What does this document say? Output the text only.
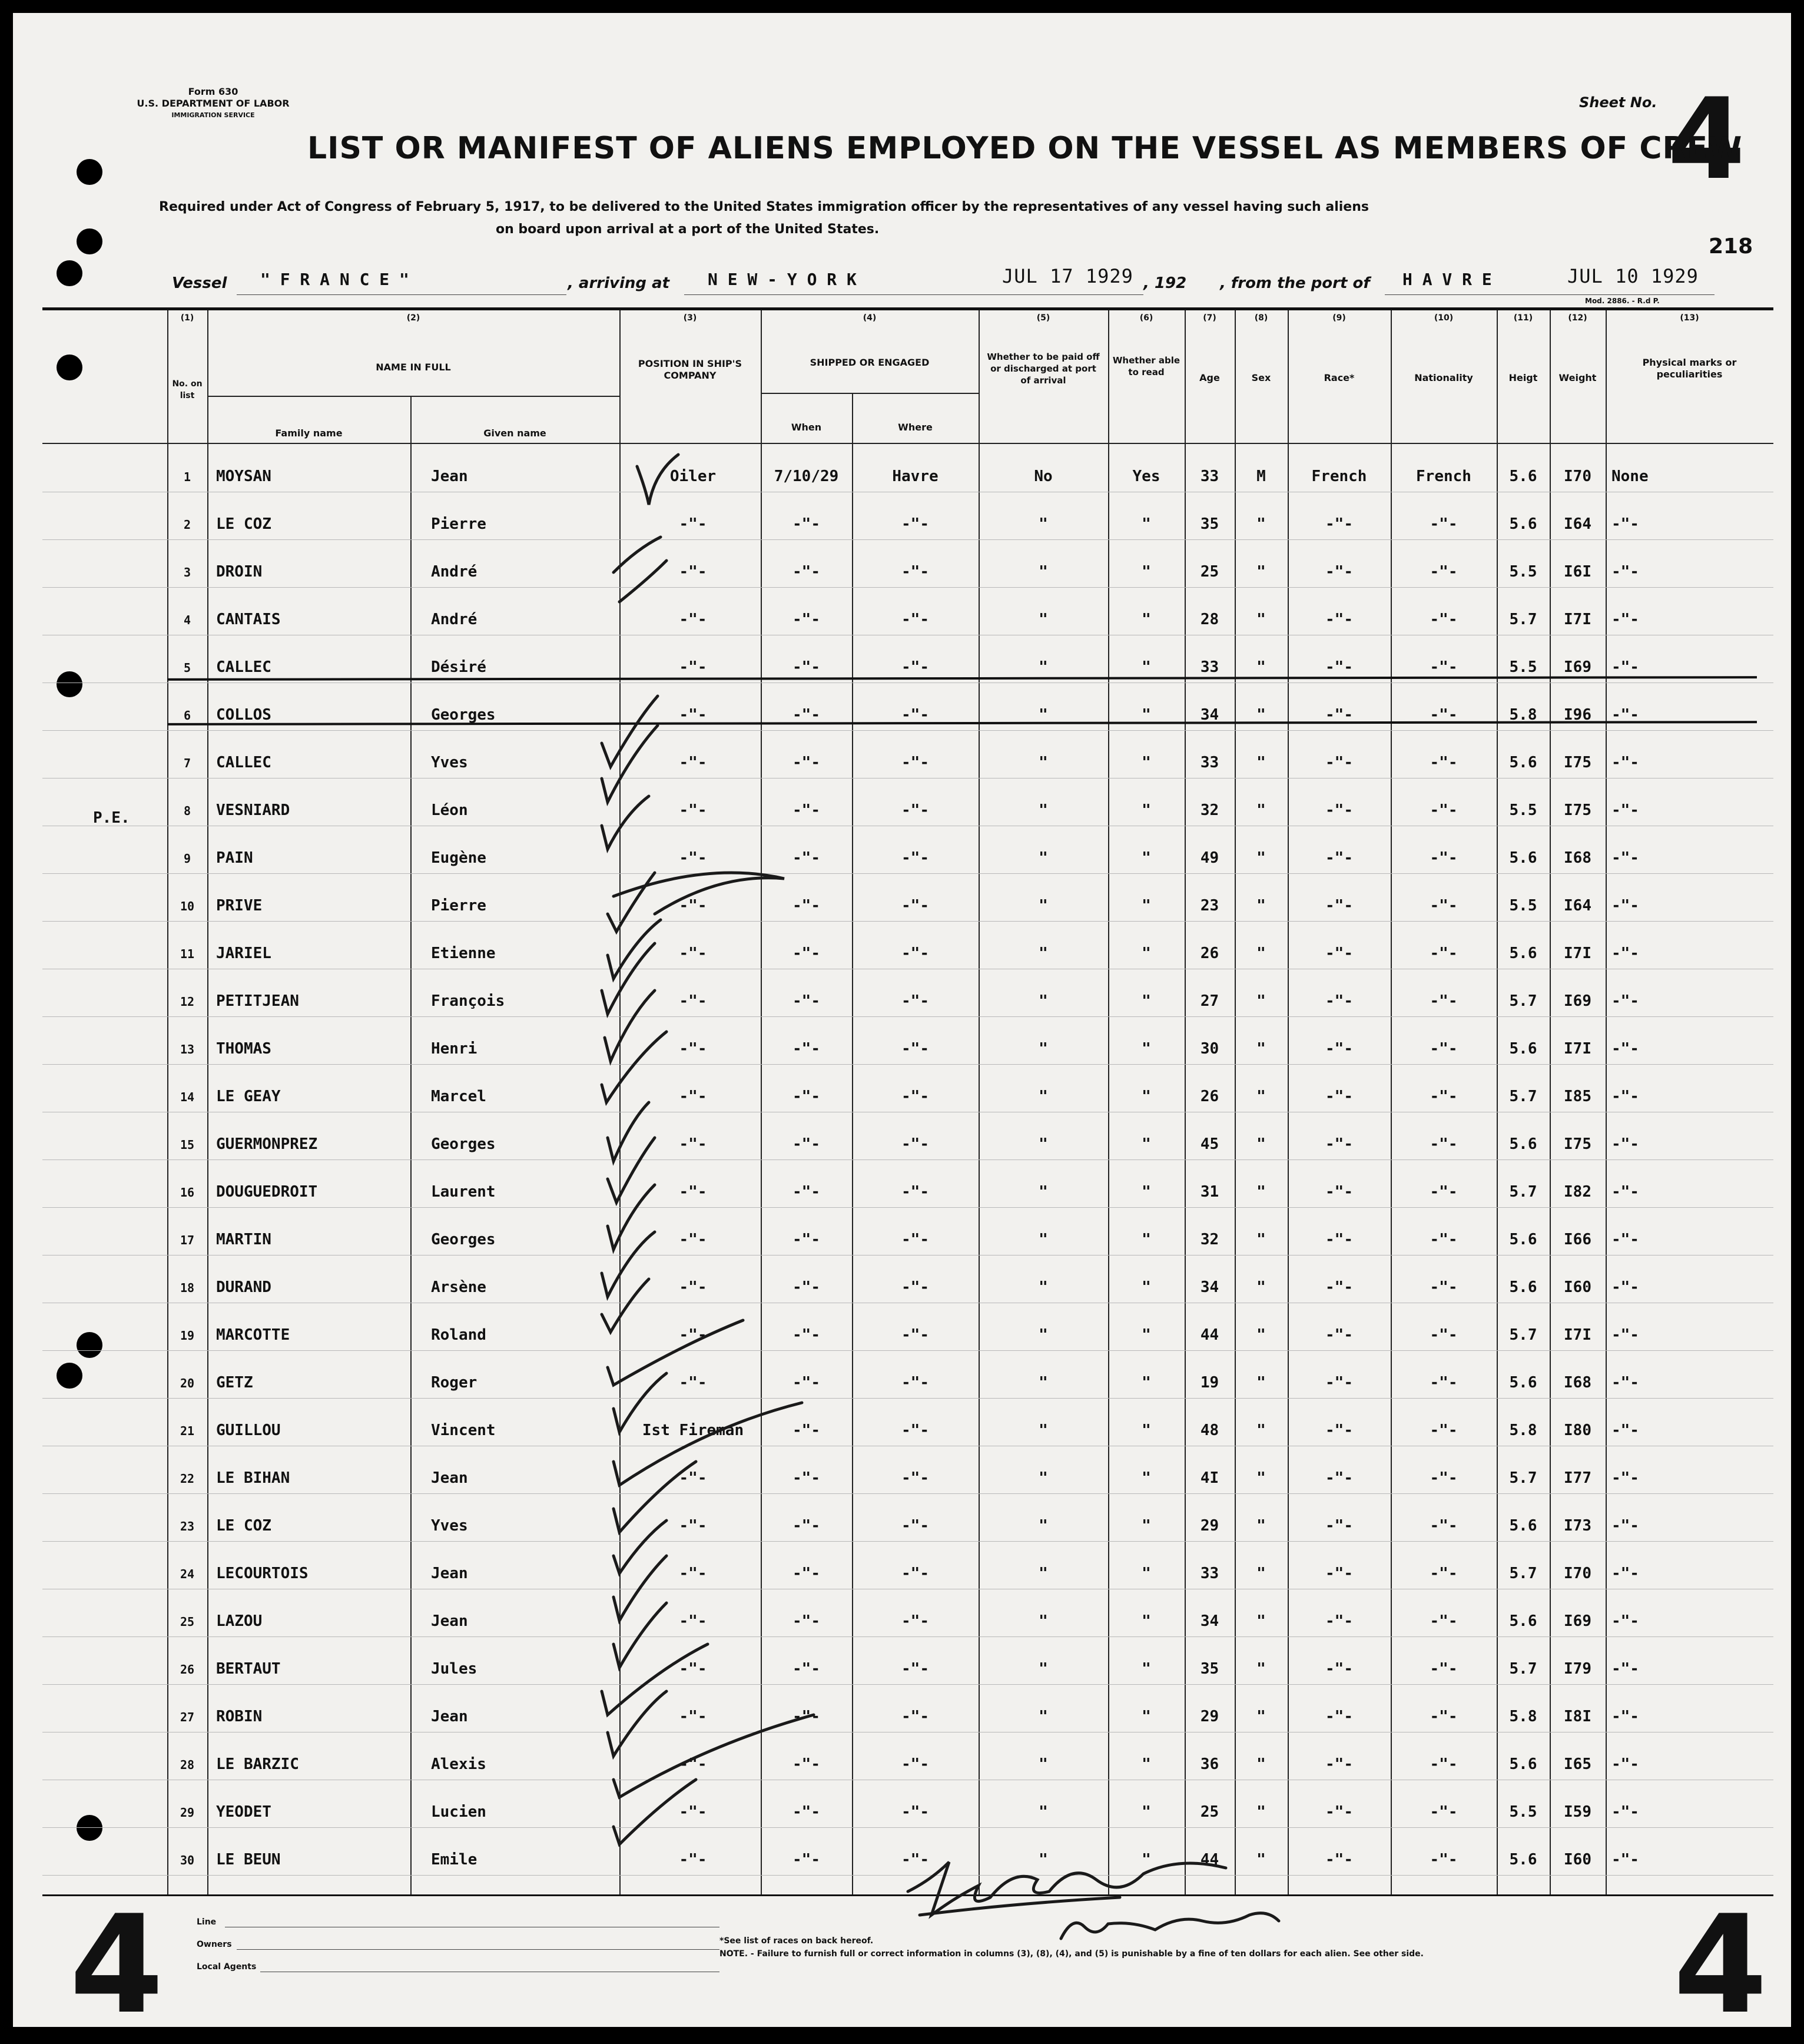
Form 630
U.S. DEPARTMENT OF LABOR
IMMIGRATION SERVICE
Sheet No. 4
LIST OR MANIFEST OF ALIENS EMPLOYED ON THE VESSEL AS MEMBERS OF CREW
Required under Act of Congress of February 5, 1917, to be delivered to the United States immigration officer by the representatives of any vessel having such aliens
on board upon arrival at a port of the United States.
218
Vessel " F R A N C E "	, arriving at N E W - Y O R K	JUL 17 1929 , 192 , from the port of H A V R E	JUL 10 1929
Mod. 2886. - R.d P.
(1)	(2)	(3)	(4)	(5)	(6)	(7)	(8)	(9)	(10)	(11)	(12)	(13)
No. on list
NAME IN FULL
Family name	Given name
POSITION IN SHIP'S COMPANY
SHIPPED OR ENGAGED
When	Where
Whether to be paid off or discharged at port of arrival
Whether able to read	Age	Sex	Race*	Nationality	Heigt	Weight
Physical marks or peculiarities
P.E.
1	MOYSAN	Jean	Oiler	7/10/29	Havre	No	Yes	33	M	French	French	5.6	I70	None
2	LE COZ	Pierre	-"-	-"-	-"-	"	"	35	"	-"-	-"-	5.6	I64	-"-
3	DROIN	André	-"-	-"-	-"-	"	"	25	"	-"-	-"-	5.5	I6I	-"-
4	CANTAIS	André	-"-	-"-	-"-	"	"	28	"	-"-	-"-	5.7	I7I	-"-
5	CALLEC	Désiré	-"-	-"-	-"-	"	"	33	"	-"-	-"-	5.5	I69	-"-
6	COLLOS	Georges	-"-	-"-	-"-	"	"	34	"	-"-	-"-	5.8	I96	-"-
7	CALLEC	Yves	-"-	-"-	-"-	"	"	33	"	-"-	-"-	5.6	I75	-"-
8	VESNIARD	Léon	-"-	-"-	-"-	"	"	32	"	-"-	-"-	5.5	I75	-"-
9	PAIN	Eugène	-"-	-"-	-"-	"	"	49	"	-"-	-"-	5.6	I68	-"-
10	PRIVE	Pierre	-"-	-"-	-"-	"	"	23	"	-"-	-"-	5.5	I64	-"-
11	JARIEL	Etienne	-"-	-"-	-"-	"	"	26	"	-"-	-"-	5.6	I7I	-"-
12	PETITJEAN	François	-"-	-"-	-"-	"	"	27	"	-"-	-"-	5.7	I69	-"-
13	THOMAS	Henri	-"-	-"-	-"-	"	"	30	"	-"-	-"-	5.6	I7I	-"-
14	LE GEAY	Marcel	-"-	-"-	-"-	"	"	26	"	-"-	-"-	5.7	I85	-"-
15	GUERMONPREZ	Georges	-"-	-"-	-"-	"	"	45	"	-"-	-"-	5.6	I75	-"-
16	DOUGUEDROIT	Laurent	-"-	-"-	-"-	"	"	31	"	-"-	-"-	5.7	I82	-"-
17	MARTIN	Georges	-"-	-"-	-"-	"	"	32	"	-"-	-"-	5.6	I66	-"-
18	DURAND	Arsène	-"-	-"-	-"-	"	"	34	"	-"-	-"-	5.6	I60	-"-
19	MARCOTTE	Roland	-"-	-"-	-"-	"	"	44	"	-"-	-"-	5.7	I7I	-"-
20	GETZ	Roger	-"-	-"-	-"-	"	"	19	"	-"-	-"-	5.6	I68	-"-
21	GUILLOU	Vincent	Ist Fireman	-"-	-"-	"	"	48	"	-"-	-"-	5.8	I80	-"-
22	LE BIHAN	Jean	-"-	-"-	-"-	"	"	4I	"	-"-	-"-	5.7	I77	-"-
23	LE COZ	Yves	-"-	-"-	-"-	"	"	29	"	-"-	-"-	5.6	I73	-"-
24	LECOURTOIS	Jean	-"-	-"-	-"-	"	"	33	"	-"-	-"-	5.7	I70	-"-
25	LAZOU	Jean	-"-	-"-	-"-	"	"	34	"	-"-	-"-	5.6	I69	-"-
26	BERTAUT	Jules	-"-	-"-	-"-	"	"	35	"	-"-	-"-	5.7	I79	-"-
27	ROBIN	Jean	-"-	-"-	-"-	"	"	29	"	-"-	-"-	5.8	I8I	-"-
28	LE BARZIC	Alexis	-"-	-"-	-"-	"	"	36	"	-"-	-"-	5.6	I65	-"-
29	YEODET	Lucien	-"-	-"-	-"-	"	"	25	"	-"-	-"-	5.5	I59	-"-
30	LE BEUN	Emile	-"-	-"-	-"-	"	"	44	"	-"-	-"-	5.6	I60	-"-
4	4
Line
Owners
Local Agents
*See list of races on back hereof.
NOTE. - Failure to furnish full or correct information in columns (3), (8), (4), and (5) is punishable by a fine of ten dollars for each alien. See other side.
